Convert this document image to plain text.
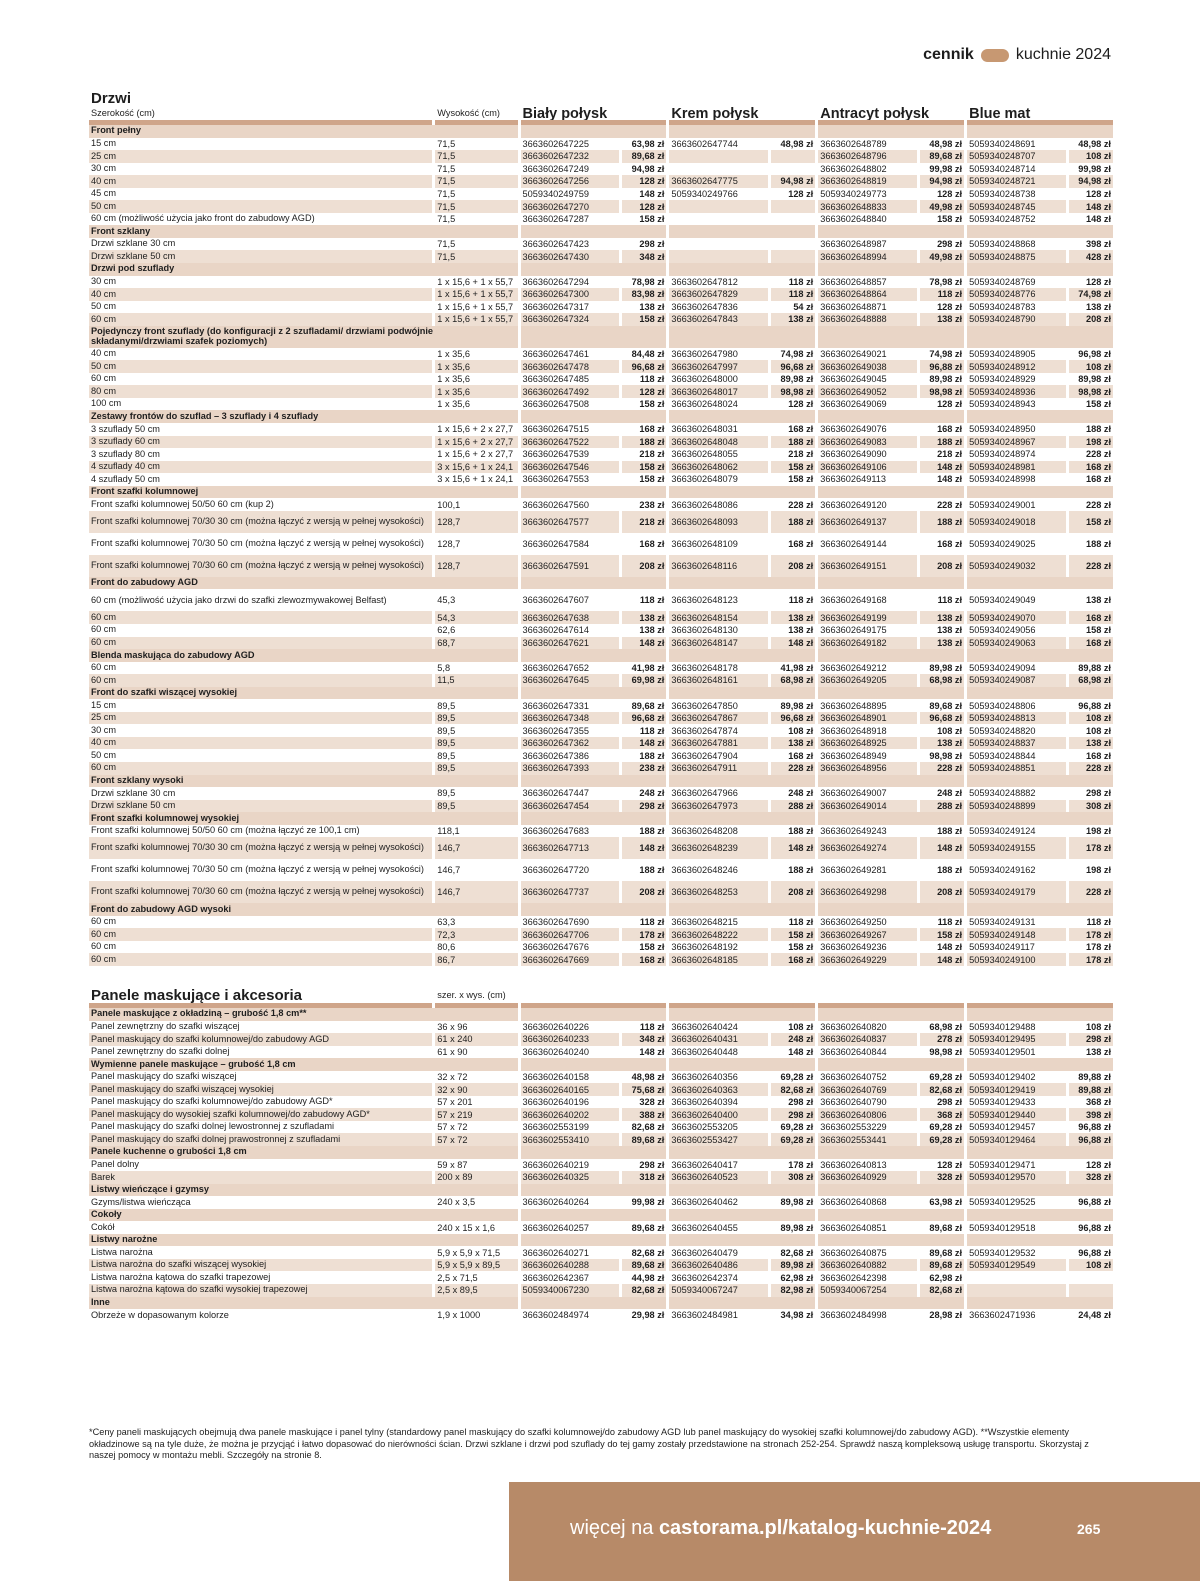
cennik	kuchnie 2024
Drzwi									
Szerokość (cm)	Wysokość (cm)	Biały połysk		Krem połysk		Antracyt połysk		Blue mat	

Front pełny									
15 cm	71,5	3663602647225	63,98 zł	3663602647744	48,98 zł	3663602648789	48,98 zł	5059340248691	48,98 zł
25 cm	71,5	3663602647232	89,68 zł			3663602648796	89,68 zł	5059340248707	108 zł
30 cm	71,5	3663602647249	94,98 zł			3663602648802	99,98 zł	5059340248714	99,98 zł
40 cm	71,5	3663602647256	128 zł	3663602647775	94,98 zł	3663602648819	94,98 zł	5059340248721	94,98 zł
45 cm	71,5	5059340249759	148 zł	5059340249766	128 zł	5059340249773	128 zł	5059340248738	128 zł
50 cm	71,5	3663602647270	128 zł			3663602648833	49,98 zł	5059340248745	148 zł
60 cm (możliwość użycia jako front do zabudowy AGD)	71,5	3663602647287	158 zł			3663602648840	158 zł	5059340248752	148 zł
Front szklany									
Drzwi szklane 30 cm	71,5	3663602647423	298 zł			3663602648987	298 zł	5059340248868	398 zł
Drzwi szklane 50 cm	71,5	3663602647430	348 zł			3663602648994	49,98 zł	5059340248875	428 zł
Drzwi pod szuflady									
30 cm	1 x 15,6 + 1 x 55,7	3663602647294	78,98 zł	3663602647812	118 zł	3663602648857	78,98 zł	5059340248769	128 zł
40 cm	1 x 15,6 + 1 x 55,7	3663602647300	83,98 zł	3663602647829	118 zł	3663602648864	118 zł	5059340248776	74,98 zł
50 cm	1 x 15,6 + 1 x 55,7	3663602647317	138 zł	3663602647836	54 zł	3663602648871	128 zł	5059340248783	138 zł
60 cm	1 x 15,6 + 1 x 55,7	3663602647324	158 zł	3663602647843	138 zł	3663602648888	138 zł	5059340248790	208 zł
Pojedynczy front szuflady (do konfiguracji z 2 szufladami/ drzwiami podwójnie składanymi/drzwiami szafek poziomych)									
40 cm	1 x 35,6	3663602647461	84,48 zł	3663602647980	74,98 zł	3663602649021	74,98 zł	5059340248905	96,98 zł
50 cm	1 x 35,6	3663602647478	96,68 zł	3663602647997	96,68 zł	3663602649038	96,88 zł	5059340248912	108 zł
60 cm	1 x 35,6	3663602647485	118 zł	3663602648000	89,98 zł	3663602649045	89,98 zł	5059340248929	89,98 zł
80 cm	1 x 35,6	3663602647492	128 zł	3663602648017	98,98 zł	3663602649052	98,98 zł	5059340248936	98,98 zł
100 cm	1 x 35,6	3663602647508	158 zł	3663602648024	128 zł	3663602649069	128 zł	5059340248943	158 zł
Zestawy frontów do szuflad – 3 szuflady i 4 szuflady									
3 szuflady 50 cm	1 x 15,6 + 2 x 27,7	3663602647515	168 zł	3663602648031	168 zł	3663602649076	168 zł	5059340248950	188 zł
3 szuflady 60 cm	1 x 15,6 + 2 x 27,7	3663602647522	188 zł	3663602648048	188 zł	3663602649083	188 zł	5059340248967	198 zł
3 szuflady 80 cm	1 x 15,6 + 2 x 27,7	3663602647539	218 zł	3663602648055	218 zł	3663602649090	218 zł	5059340248974	228 zł
4 szuflady 40 cm	3 x 15,6 + 1 x 24,1	3663602647546	158 zł	3663602648062	158 zł	3663602649106	148 zł	5059340248981	168 zł
4 szuflady 50 cm	3 x 15,6 + 1 x 24,1	3663602647553	158 zł	3663602648079	158 zł	3663602649113	148 zł	5059340248998	168 zł
Front szafki kolumnowej									
Front szafki kolumnowej 50/50 60 cm (kup 2)	100,1	3663602647560	238 zł	3663602648086	228 zł	3663602649120	228 zł	5059340249001	228 zł
Front szafki kolumnowej 70/30 30 cm (można łączyć z wersją w pełnej wysokości)	128,7	3663602647577	218 zł	3663602648093	188 zł	3663602649137	188 zł	5059340249018	158 zł
Front szafki kolumnowej 70/30 50 cm (można łączyć z wersją w pełnej wysokości)	128,7	3663602647584	168 zł	3663602648109	168 zł	3663602649144	168 zł	5059340249025	188 zł
Front szafki kolumnowej 70/30 60 cm (można łączyć z wersją w pełnej wysokości)	128,7	3663602647591	208 zł	3663602648116	208 zł	3663602649151	208 zł	5059340249032	228 zł
Front do zabudowy AGD									
60 cm (możliwość użycia jako drzwi do szafki zlewozmywakowej Belfast)	45,3	3663602647607	118 zł	3663602648123	118 zł	3663602649168	118 zł	5059340249049	138 zł
60 cm	54,3	3663602647638	138 zł	3663602648154	138 zł	3663602649199	138 zł	5059340249070	168 zł
60 cm	62,6	3663602647614	138 zł	3663602648130	138 zł	3663602649175	138 zł	5059340249056	158 zł
60 cm	68,7	3663602647621	148 zł	3663602648147	148 zł	3663602649182	138 zł	5059340249063	168 zł
Blenda maskująca do zabudowy AGD									
60 cm	5,8	3663602647652	41,98 zł	3663602648178	41,98 zł	3663602649212	89,98 zł	5059340249094	89,88 zł
60 cm	11,5	3663602647645	69,98 zł	3663602648161	68,98 zł	3663602649205	68,98 zł	5059340249087	68,98 zł
Front do szafki wiszącej wysokiej									
15 cm	89,5	3663602647331	89,68 zł	3663602647850	89,98 zł	3663602648895	89,68 zł	5059340248806	96,88 zł
25 cm	89,5	3663602647348	96,68 zł	3663602647867	96,68 zł	3663602648901	96,68 zł	5059340248813	108 zł
30 cm	89,5	3663602647355	118 zł	3663602647874	108 zł	3663602648918	108 zł	5059340248820	108 zł
40 cm	89,5	3663602647362	148 zł	3663602647881	138 zł	3663602648925	138 zł	5059340248837	138 zł
50 cm	89,5	3663602647386	188 zł	3663602647904	168 zł	3663602648949	98,98 zł	5059340248844	168 zł
60 cm	89,5	3663602647393	238 zł	3663602647911	228 zł	3663602648956	228 zł	5059340248851	228 zł
Front szklany wysoki									
Drzwi szklane 30 cm	89,5	3663602647447	248 zł	3663602647966	248 zł	3663602649007	248 zł	5059340248882	298 zł
Drzwi szklane 50 cm	89,5	3663602647454	298 zł	3663602647973	288 zł	3663602649014	288 zł	5059340248899	308 zł
Front szafki kolumnowej wysokiej									
Front szafki kolumnowej 50/50 60 cm (można łączyć ze 100,1 cm)	118,1	3663602647683	188 zł	3663602648208	188 zł	3663602649243	188 zł	5059340249124	198 zł
Front szafki kolumnowej 70/30 30 cm (można łączyć z wersją w pełnej wysokości)	146,7	3663602647713	148 zł	3663602648239	148 zł	3663602649274	148 zł	5059340249155	178 zł
Front szafki kolumnowej 70/30 50 cm (można łączyć z wersją w pełnej wysokości)	146,7	3663602647720	188 zł	3663602648246	188 zł	3663602649281	188 zł	5059340249162	198 zł
Front szafki kolumnowej 70/30 60 cm (można łączyć z wersją w pełnej wysokości)	146,7	3663602647737	208 zł	3663602648253	208 zł	3663602649298	208 zł	5059340249179	228 zł
Front do zabudowy AGD wysoki									
60 cm	63,3	3663602647690	118 zł	3663602648215	118 zł	3663602649250	118 zł	5059340249131	118 zł
60 cm	72,3	3663602647706	178 zł	3663602648222	158 zł	3663602649267	158 zł	5059340249148	178 zł
60 cm	80,6	3663602647676	158 zł	3663602648192	158 zł	3663602649236	148 zł	5059340249117	178 zł
60 cm	86,7	3663602647669	168 zł	3663602648185	168 zł	3663602649229	148 zł	5059340249100	178 zł
Panele maskujące i akcesoria	szer. x wys. (cm)								

Panele maskujące z okładziną – grubość 1,8 cm**									
Panel zewnętrzny do szafki wiszącej	36 x 96	3663602640226	118 zł	3663602640424	108 zł	3663602640820	68,98 zł	5059340129488	108 zł
Panel maskujący do szafki kolumnowej/do zabudowy AGD	61 x 240	3663602640233	348 zł	3663602640431	248 zł	3663602640837	278 zł	5059340129495	298 zł
Panel zewnętrzny do szafki dolnej	61 x 90	3663602640240	148 zł	3663602640448	148 zł	3663602640844	98,98 zł	5059340129501	138 zł
Wymienne panele maskujące – grubość 1,8 cm									
Panel maskujący do szafki wiszącej	32 x 72	3663602640158	48,98 zł	3663602640356	69,28 zł	3663602640752	69,28 zł	5059340129402	89,88 zł
Panel maskujący do szafki wiszącej wysokiej	32 x 90	3663602640165	75,68 zł	3663602640363	82,68 zł	3663602640769	82,68 zł	5059340129419	89,88 zł
Panel maskujący do szafki kolumnowej/do zabudowy AGD*	57 x 201	3663602640196	328 zł	3663602640394	298 zł	3663602640790	298 zł	5059340129433	368 zł
Panel maskujący do wysokiej szafki kolumnowej/do zabudowy AGD*	57 x 219	3663602640202	388 zł	3663602640400	298 zł	3663602640806	368 zł	5059340129440	398 zł
Panel maskujący do szafki dolnej lewostronnej z szufladami	57 x 72	3663602553199	82,68 zł	3663602553205	69,28 zł	3663602553229	69,28 zł	5059340129457	96,88 zł
Panel maskujący do szafki dolnej prawostronnej z szufladami	57 x 72	3663602553410	89,68 zł	3663602553427	69,28 zł	3663602553441	69,28 zł	5059340129464	96,88 zł
Panele kuchenne o grubości 1,8 cm									
Panel dolny	59 x 87	3663602640219	298 zł	3663602640417	178 zł	3663602640813	128 zł	5059340129471	128 zł
Barek	200 x 89	3663602640325	318 zł	3663602640523	308 zł	3663602640929	328 zł	5059340129570	328 zł
Listwy wieńczące i gzymsy									
Gzyms/listwa wieńcząca	240 x 3,5	3663602640264	99,98 zł	3663602640462	89,98 zł	3663602640868	63,98 zł	5059340129525	96,88 zł
Cokoły									
Cokół	240 x 15 x 1,6	3663602640257	89,68 zł	3663602640455	89,98 zł	3663602640851	89,68 zł	5059340129518	96,88 zł
Listwy narożne									
Listwa narożna	5,9 x 5,9 x 71,5	3663602640271	82,68 zł	3663602640479	82,68 zł	3663602640875	89,68 zł	5059340129532	96,88 zł
Listwa narożna do szafki wiszącej wysokiej	5,9 x 5,9 x 89,5	3663602640288	89,68 zł	3663602640486	89,98 zł	3663602640882	89,68 zł	5059340129549	108 zł
Listwa narożna kątowa do szafki trapezowej	2,5 x 71,5	3663602642367	44,98 zł	3663602642374	62,98 zł	3663602642398	62,98 zł		
Listwa narożna kątowa do szafki wysokiej trapezowej	2,5 x 89,5	5059340067230	82,68 zł	5059340067247	82,98 zł	5059340067254	82,68 zł		
Inne									
Obrzeże w dopasowanym kolorze	1,9 x 1000	3663602484974	29,98 zł	3663602484981	34,98 zł	3663602484998	28,98 zł	3663602471936	24,48 zł
*Ceny paneli maskujących obejmują dwa panele maskujące i panel tylny (standardowy panel maskujący do szafki kolumnowej/do zabudowy AGD lub panel maskujący do wysokiej szafki kolumnowej/do zabudowy AGD). **Wszystkie elementy okładzinowe są na tyle duże, że można je przycjąć i łatwo dopasować do nierówności ścian. Drzwi szklane i drzwi pod szuflady do tej gamy zostały przedstawione na stronach 252-254. Sprawdź naszą kompleksową usługę transportu. Skorzystaj z naszej pomocy w montażu mebli. Szczegóły na stronie 8.
więcej na castorama.pl/katalog-kuchnie-2024	265
